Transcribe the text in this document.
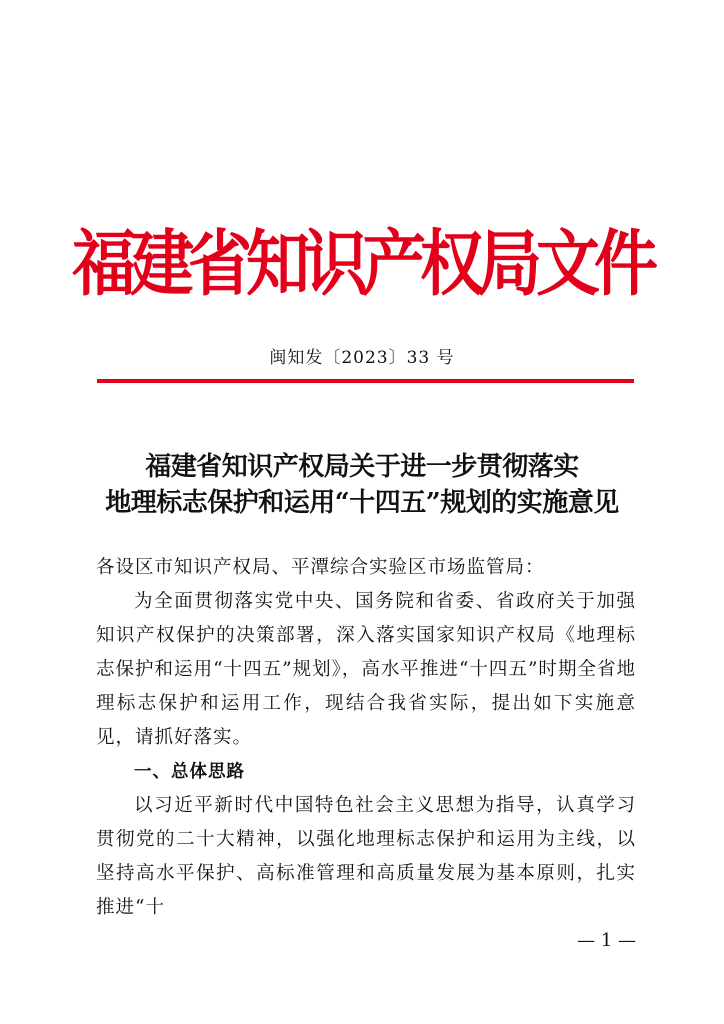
福建省知识产权局文件
闽知发〔2023〕33 号
福建省知识产权局关于进一步贯彻落实
地理标志保护和运用“十四五”规划的实施意见

各设区市知识产权局、平潭综合实验区市场监管局：

为全面贯彻落实党中央、国务院和省委、省政府关于加强知识产权保护的决策部署，深入落实国家知识产权局《地理标志保护和运用“十四五”规划》，高水平推进“十四五”时期全省地理标志保护和运用工作，现结合我省实际，提出如下实施意见，请抓好落实。

一、总体思路

以习近平新时代中国特色社会主义思想为指导，认真学习贯彻党的二十大精神，以强化地理标志保护和运用为主线，以坚持高水平保护、高标准管理和高质量发展为基本原则，扎实推进“十

— 1 —
